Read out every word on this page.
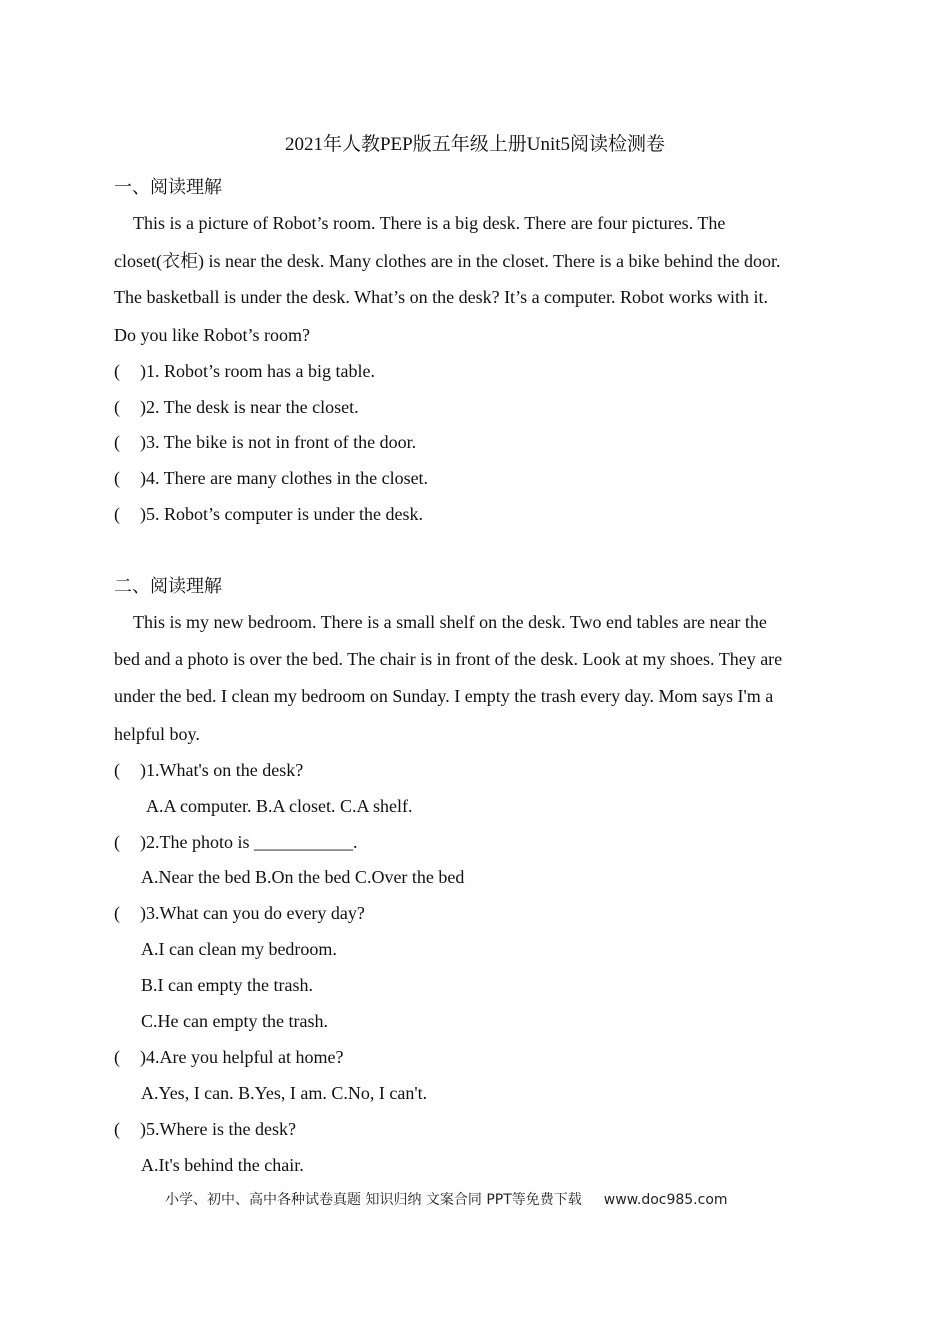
2021年人教PEP版五年级上册Unit5阅读检测卷
一、阅读理解
This is a picture of Robot’s room. There is a big desk. There are four pictures. The
closet(衣柜) is near the desk. Many clothes are in the closet. There is a bike behind the door.
The basketball is under the desk. What’s on the desk? It’s a computer. Robot works with it.
Do you like Robot’s room?
( )1. Robot’s room has a big table.
( )2. The desk is near the closet.
( )3. The bike is not in front of the door.
( )4. There are many clothes in the closet.
( )5. Robot’s computer is under the desk.
二、阅读理解
This is my new bedroom. There is a small shelf on the desk. Two end tables are near the
bed and a photo is over the bed. The chair is in front of the desk. Look at my shoes. They are
under the bed. I clean my bedroom on Sunday. I empty the trash every day. Mom says I'm a
helpful boy.
( )1.What's on the desk?
A.A computer. B.A closet. C.A shelf.
( )2.The photo is ___________.
A.Near the bed B.On the bed C.Over the bed
( )3.What can you do every day?
A.I can clean my bedroom.
B.I can empty the trash.
C.He can empty the trash.
( )4.Are you helpful at home?
A.Yes, I can. B.Yes, I am. C.No, I can't.
( )5.Where is the desk?
A.It's behind the chair.
小学、初中、高中各种试卷真题 知识归纳 文案合同 PPT等免费下载 www.doc985.com
